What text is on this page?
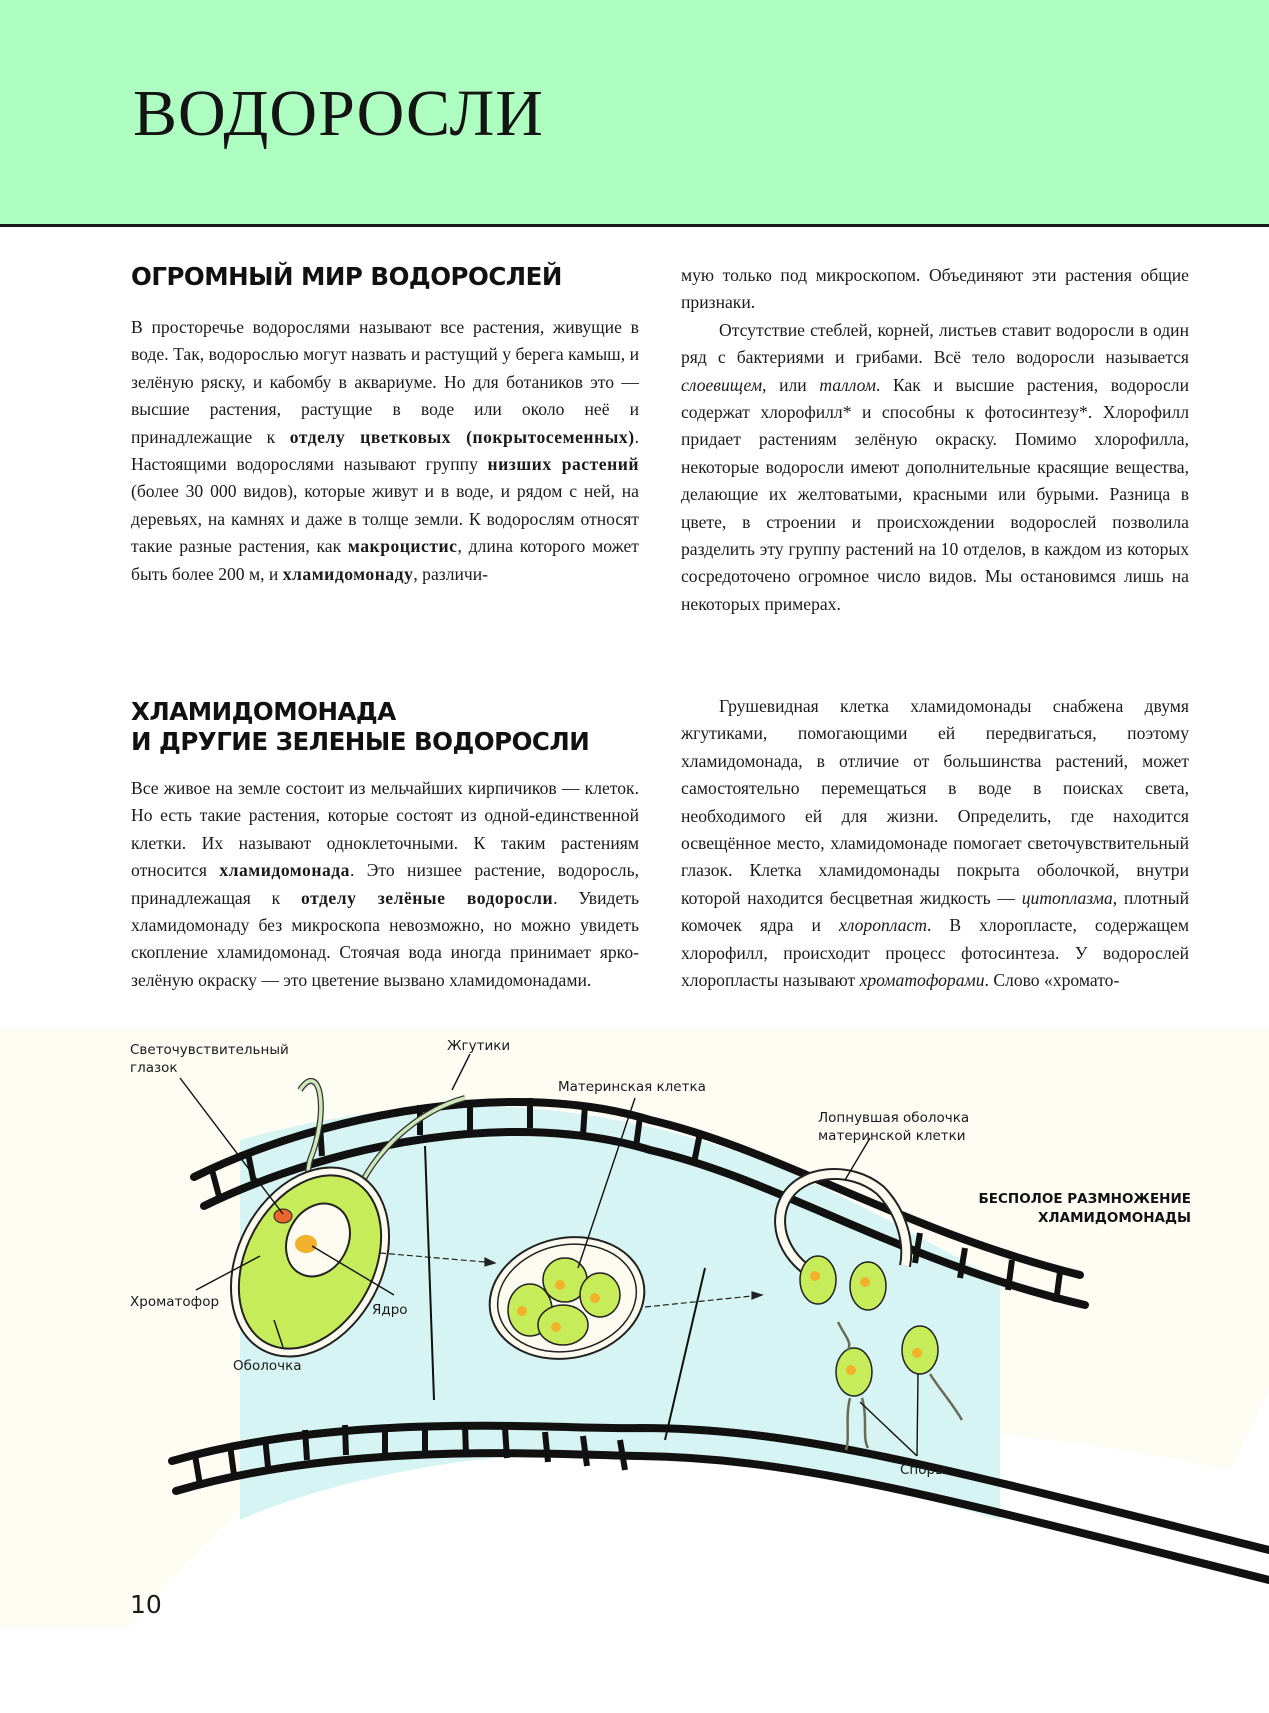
ВОДОРОСЛИ
ОГРОМНЫЙ МИР ВОДОРОСЛЕЙ

В просторечье водорослями называют все растения, живущие в воде. Так, водорослью могут назвать и растущий у берега камыш, и зелёную ряску, и кабомбу в аквариуме. Но для ботаников это — высшие растения, растущие в воде или около неё и принадлежащие к отделу цветковых (покрытосеменных). Настоящими водорослями называют группу низших растений (более 30 000 видов), которые живут и в воде, и рядом с ней, на деревьях, на камнях и даже в толще земли. К водорослям относят такие разные растения, как макроцистис, длина которого может быть более 200 м, и хламидомонаду, различи-

мую только под микроскопом. Объединяют эти растения общие признаки.

Отсутствие стеблей, корней, листьев ставит водоросли в один ряд с бактериями и грибами. Всё тело водоросли называется слоевищем, или таллом. Как и высшие растения, водоросли содержат хлорофилл* и способны к фотосинтезу*. Хлорофилл придает растениям зелёную окраску. Помимо хлорофилла, некоторые водоросли имеют дополнительные красящие вещества, делающие их желтоватыми, красными или бурыми. Разница в цвете, в строении и происхождении водорослей позволила разделить эту группу растений на 10 отделов, в каждом из которых сосредоточено огромное число видов. Мы остановимся лишь на некоторых примерах.

ХЛАМИДОМОНАДА
И ДРУГИЕ ЗЕЛЕНЫЕ ВОДОРОСЛИ

Все живое на земле состоит из мельчайших кирпичиков — клеток. Но есть такие растения, которые состоят из одной-единственной клетки. Их называют одноклеточными. К таким растениям относится хламидомонада. Это низшее растение, водоросль, принадлежащая к отделу зелёные водоросли. Увидеть хламидомонаду без микроскопа невозможно, но можно увидеть скопление хламидомонад. Стоячая вода иногда принимает ярко-зелёную окраску — это цветение вызвано хламидомонадами.

Грушевидная клетка хламидомонады снабжена двумя жгутиками, помогающими ей передвигаться, поэтому хламидомонада, в отличие от большинства растений, может самостоятельно перемещаться в воде в поисках света, необходимого ей для жизни. Определить, где находится освещённое место, хламидомонаде помогает светочувствительный глазок. Клетка хламидомонады покрыта оболочкой, внутри которой находится бесцветная жидкость — цитоплазма, плотный комочек ядра и хлоропласт. В хлоропласте, содержащем хлорофилл, происходит процесс фотосинтеза. У водорослей хлоропласты называют хроматофорами. Слово «хромато-

Светочувствительный
глазок
Жгутики
Материнская клетка
Лопнувшая оболочка
материнской клетки
БЕСПОЛОЕ РАЗМНОЖЕНИЕ
ХЛАМИДОМОНАДЫ
Хроматофор	Ядро
Оболочка
Споры

10
